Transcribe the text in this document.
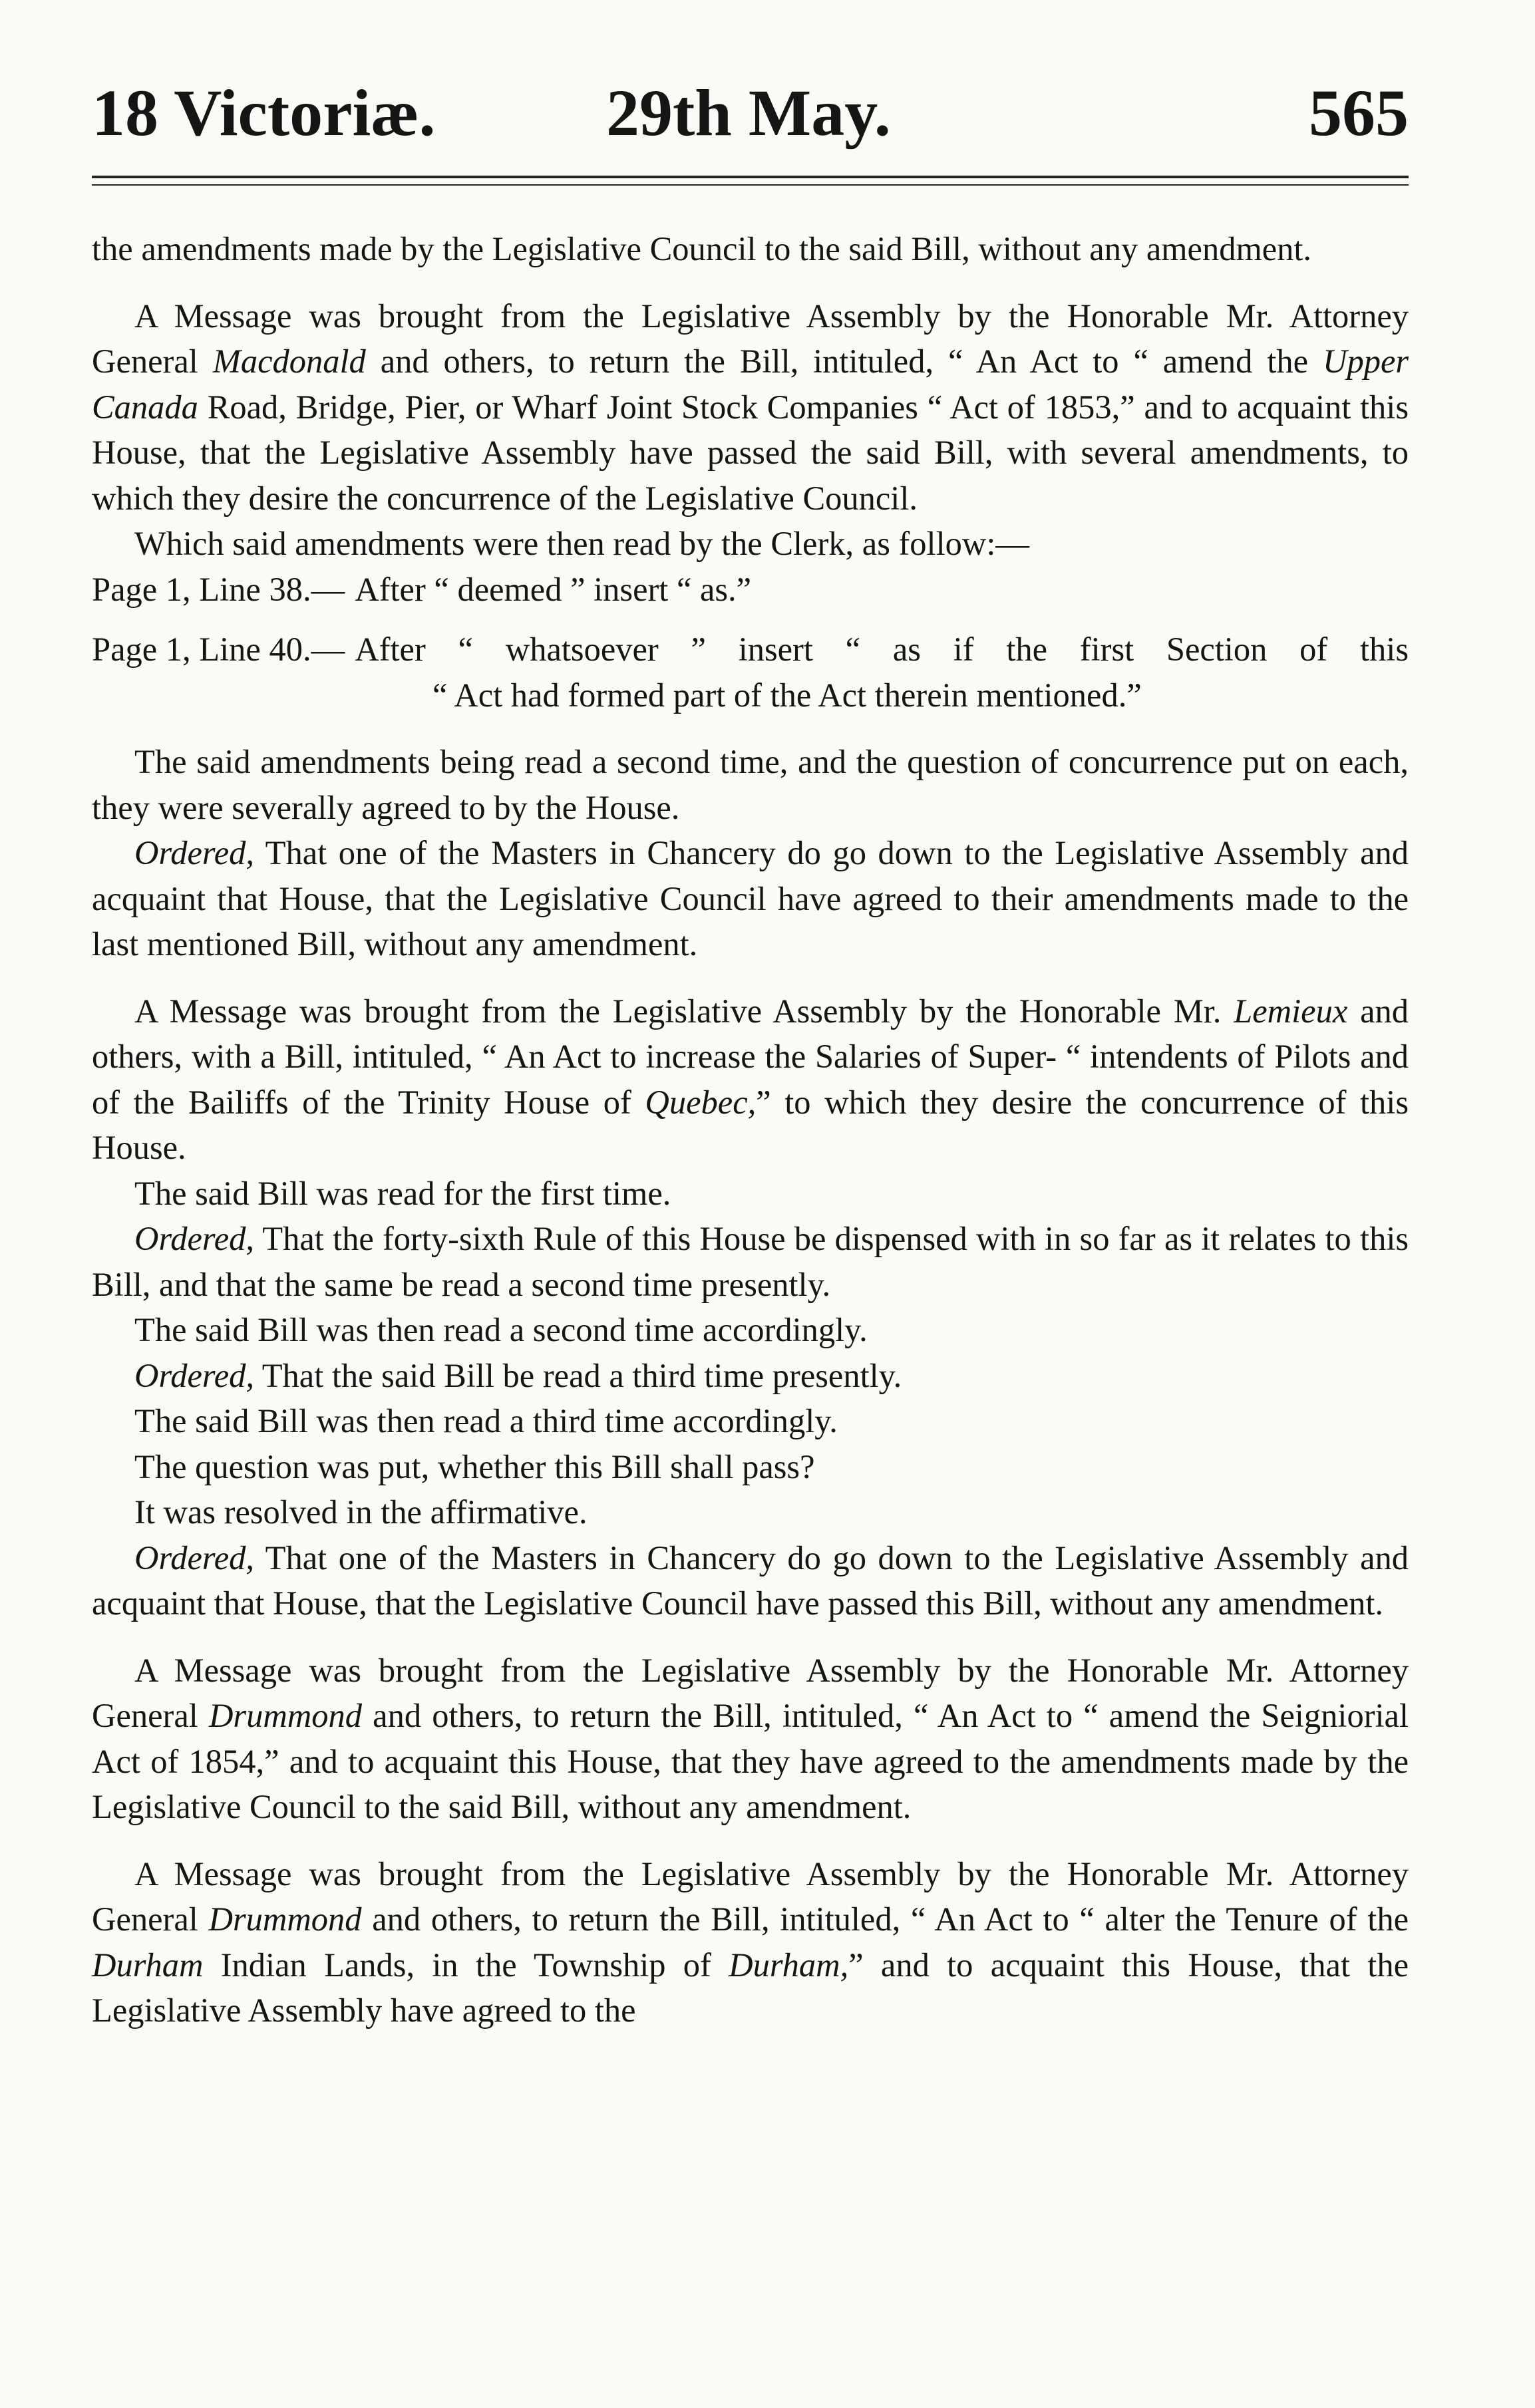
18 Victoriæ.	29th May.	565

the amendments made by the Legislative Council to the said Bill, without any amendment.

A Message was brought from the Legislative Assembly by the Honorable Mr. Attorney General Macdonald and others, to return the Bill, intituled, “ An Act to “ amend the Upper Canada Road, Bridge, Pier, or Wharf Joint Stock Companies “ Act of 1853,” and to acquaint this House, that the Legislative Assembly have passed the said Bill, with several amendments, to which they desire the concurrence of the Legislative Council.

Which said amendments were then read by the Clerk, as follow:—

Page 1, Line 38.— After “ deemed ” insert “ as.”
Page 1, Line 40.— After “ whatsoever ” insert “ as if the first Section of this

“ Act had formed part of the Act therein mentioned.”

The said amendments being read a second time, and the question of concurrence put on each, they were severally agreed to by the House.

Ordered, That one of the Masters in Chancery do go down to the Legislative Assembly and acquaint that House, that the Legislative Council have agreed to their amendments made to the last mentioned Bill, without any amendment.

A Message was brought from the Legislative Assembly by the Honorable Mr. Lemieux and others, with a Bill, intituled, “ An Act to increase the Salaries of Super- “ intendents of Pilots and of the Bailiffs of the Trinity House of Quebec,” to which they desire the concurrence of this House.

The said Bill was read for the first time.

Ordered, That the forty-sixth Rule of this House be dispensed with in so far as it relates to this Bill, and that the same be read a second time presently.

The said Bill was then read a second time accordingly.

Ordered, That the said Bill be read a third time presently.

The said Bill was then read a third time accordingly.

The question was put, whether this Bill shall pass?

It was resolved in the affirmative.

Ordered, That one of the Masters in Chancery do go down to the Legislative Assembly and acquaint that House, that the Legislative Council have passed this Bill, without any amendment.

A Message was brought from the Legislative Assembly by the Honorable Mr. Attorney General Drummond and others, to return the Bill, intituled, “ An Act to “ amend the Seigniorial Act of 1854,” and to acquaint this House, that they have agreed to the amendments made by the Legislative Council to the said Bill, without any amendment.

A Message was brought from the Legislative Assembly by the Honorable Mr. Attorney General Drummond and others, to return the Bill, intituled, “ An Act to “ alter the Tenure of the Durham Indian Lands, in the Township of Durham,” and to acquaint this House, that the Legislative Assembly have agreed to the
